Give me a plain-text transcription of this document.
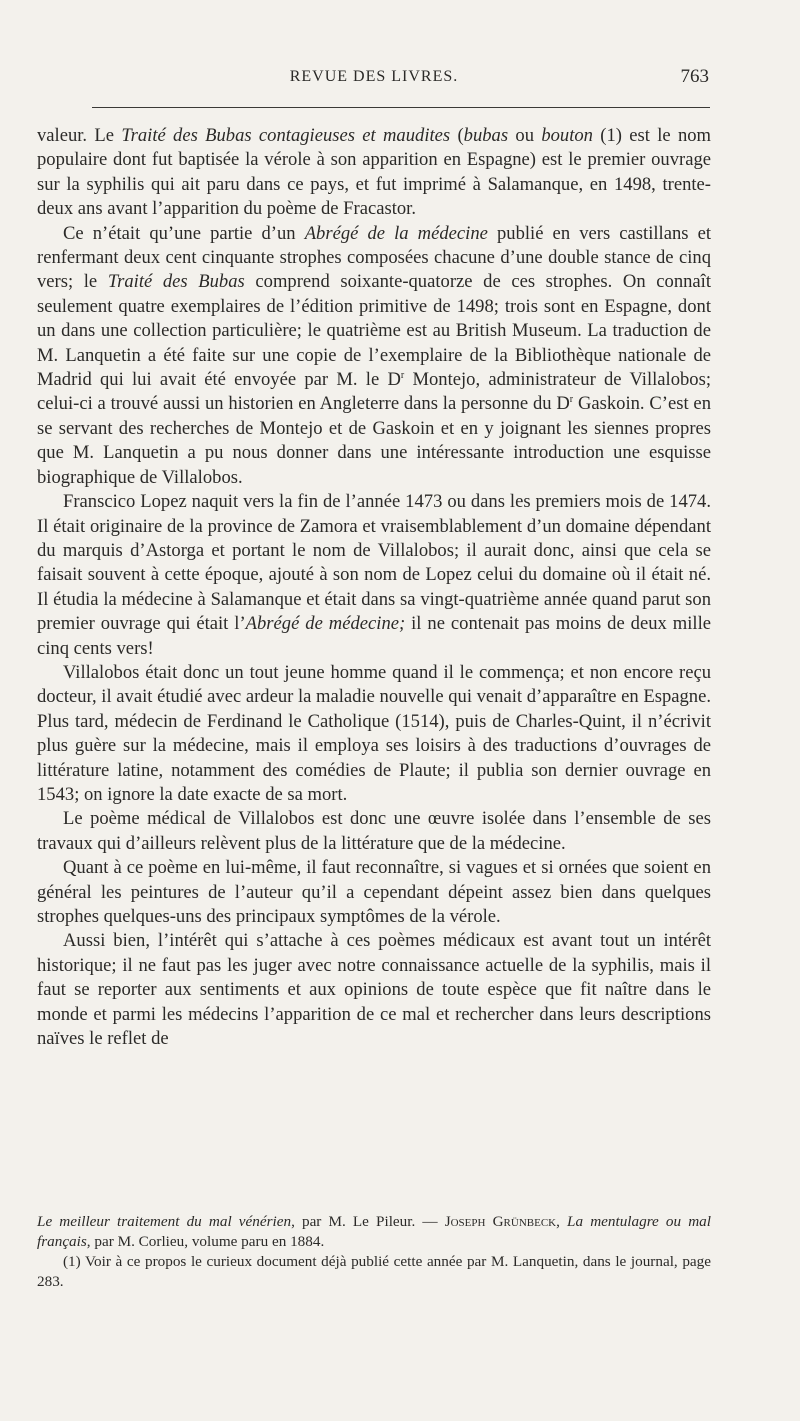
REVUE DES LIVRES.	763

valeur. Le Traité des Bubas contagieuses et maudites (bubas ou bouton (1) est le nom populaire dont fut baptisée la vérole à son apparition en Espagne) est le premier ouvrage sur la syphilis qui ait paru dans ce pays, et fut imprimé à Salamanque, en 1498, trente-deux ans avant l’apparition du poème de Fracastor.

Ce n’était qu’une partie d’un Abrégé de la médecine publié en vers castillans et renfermant deux cent cinquante strophes composées chacune d’une double stance de cinq vers; le Traité des Bubas comprend soixante-quatorze de ces strophes. On connaît seulement quatre exemplaires de l’édition primitive de 1498; trois sont en Espagne, dont un dans une collection particulière; le quatrième est au British Museum. La traduction de M. Lanquetin a été faite sur une copie de l’exemplaire de la Bibliothèque nationale de Madrid qui lui avait été envoyée par M. le $D^r$ Montejo, administrateur de Villalobos; celui-ci a trouvé aussi un historien en Angleterre dans la personne du $D^r$ Gaskoin. C’est en se servant des recherches de Montejo et de Gaskoin et en y joignant les siennes propres que M. Lanquetin a pu nous donner dans une intéressante introduction une esquisse biographique de Villalobos.

Franscico Lopez naquit vers la fin de l’année 1473 ou dans les premiers mois de 1474. Il était originaire de la province de Zamora et vraisemblablement d’un domaine dépendant du marquis d’Astorga et portant le nom de Villalobos; il aurait donc, ainsi que cela se faisait souvent à cette époque, ajouté à son nom de Lopez celui du domaine où il était né. Il étudia la médecine à Salamanque et était dans sa vingt-quatrième année quand parut son premier ouvrage qui était l’Abrégé de médecine; il ne contenait pas moins de deux mille cinq cents vers!

Villalobos était donc un tout jeune homme quand il le commença; et non encore reçu docteur, il avait étudié avec ardeur la maladie nouvelle qui venait d’apparaître en Espagne. Plus tard, médecin de Ferdinand le Catholique (1514), puis de Charles-Quint, il n’écrivit plus guère sur la médecine, mais il employa ses loisirs à des traductions d’ouvrages de littérature latine, notamment des comédies de Plaute; il publia son dernier ouvrage en 1543; on ignore la date exacte de sa mort.

Le poème médical de Villalobos est donc une œuvre isolée dans l’ensemble de ses travaux qui d’ailleurs relèvent plus de la littérature que de la médecine.

Quant à ce poème en lui-même, il faut reconnaître, si vagues et si ornées que soient en général les peintures de l’auteur qu’il a cependant dépeint assez bien dans quelques strophes quelques-uns des principaux symptômes de la vérole.

Aussi bien, l’intérêt qui s’attache à ces poèmes médicaux est avant tout un intérêt historique; il ne faut pas les juger avec notre connaissance actuelle de la syphilis, mais il faut se reporter aux sentiments et aux opinions de toute espèce que fit naître dans le monde et parmi les médecins l’apparition de ce mal et rechercher dans leurs descriptions naïves le reflet de

Le meilleur traitement du mal vénérien, par M. Le Pileur. — Joseph Grünbeck, La mentulagre ou mal français, par M. Corlieu, volume paru en 1884.

(1) Voir à ce propos le curieux document déjà publié cette année par M. Lanquetin, dans le journal, page 283.
